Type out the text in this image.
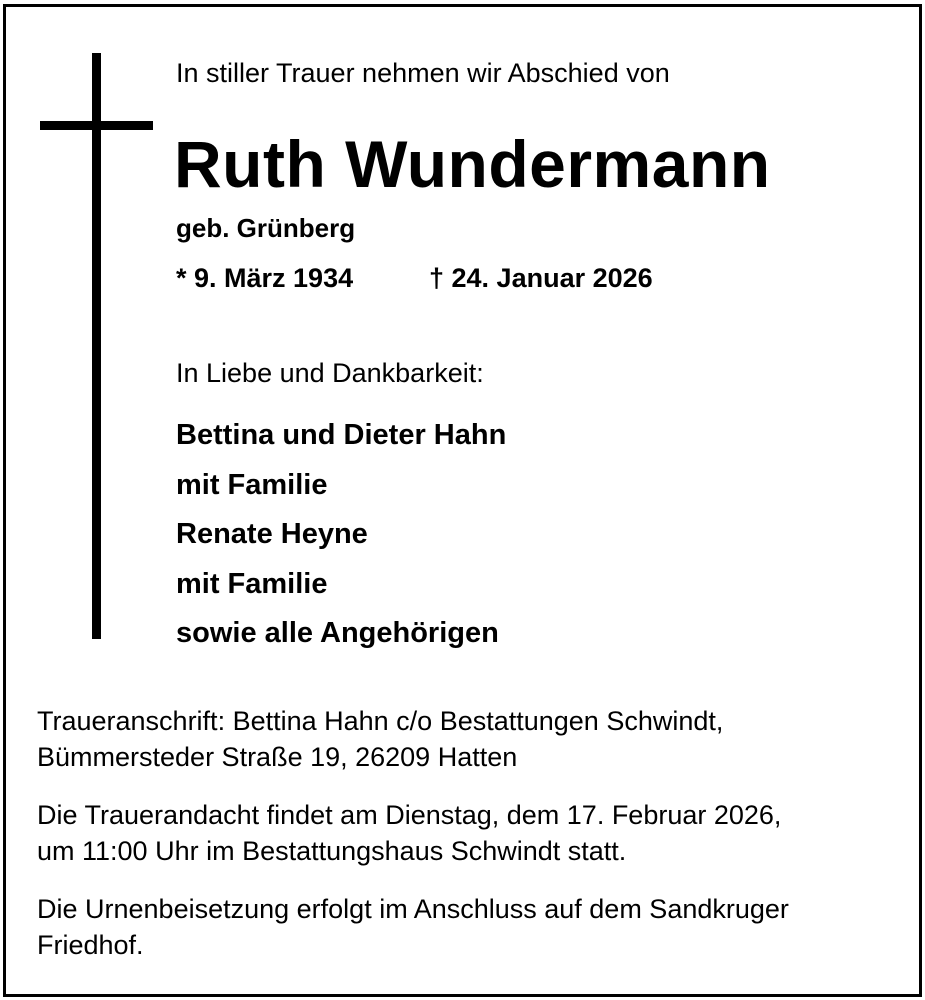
In stiller Trauer nehmen wir Abschied von
Ruth Wundermann
geb. Grünberg
* 9. März 1934	† 24. Januar 2026
In Liebe und Dankbarkeit:
Bettina und Dieter Hahn
mit Familie
Renate Heyne
mit Familie
sowie alle Angehörigen
Traueranschrift: Bettina Hahn c/o Bestattungen Schwindt,
Bümmersteder Straße 19, 26209 Hatten
Die Trauerandacht findet am Dienstag, dem 17. Februar 2026,
um 11:00 Uhr im Bestattungshaus Schwindt statt.
Die Urnenbeisetzung erfolgt im Anschluss auf dem Sandkruger
Friedhof.
